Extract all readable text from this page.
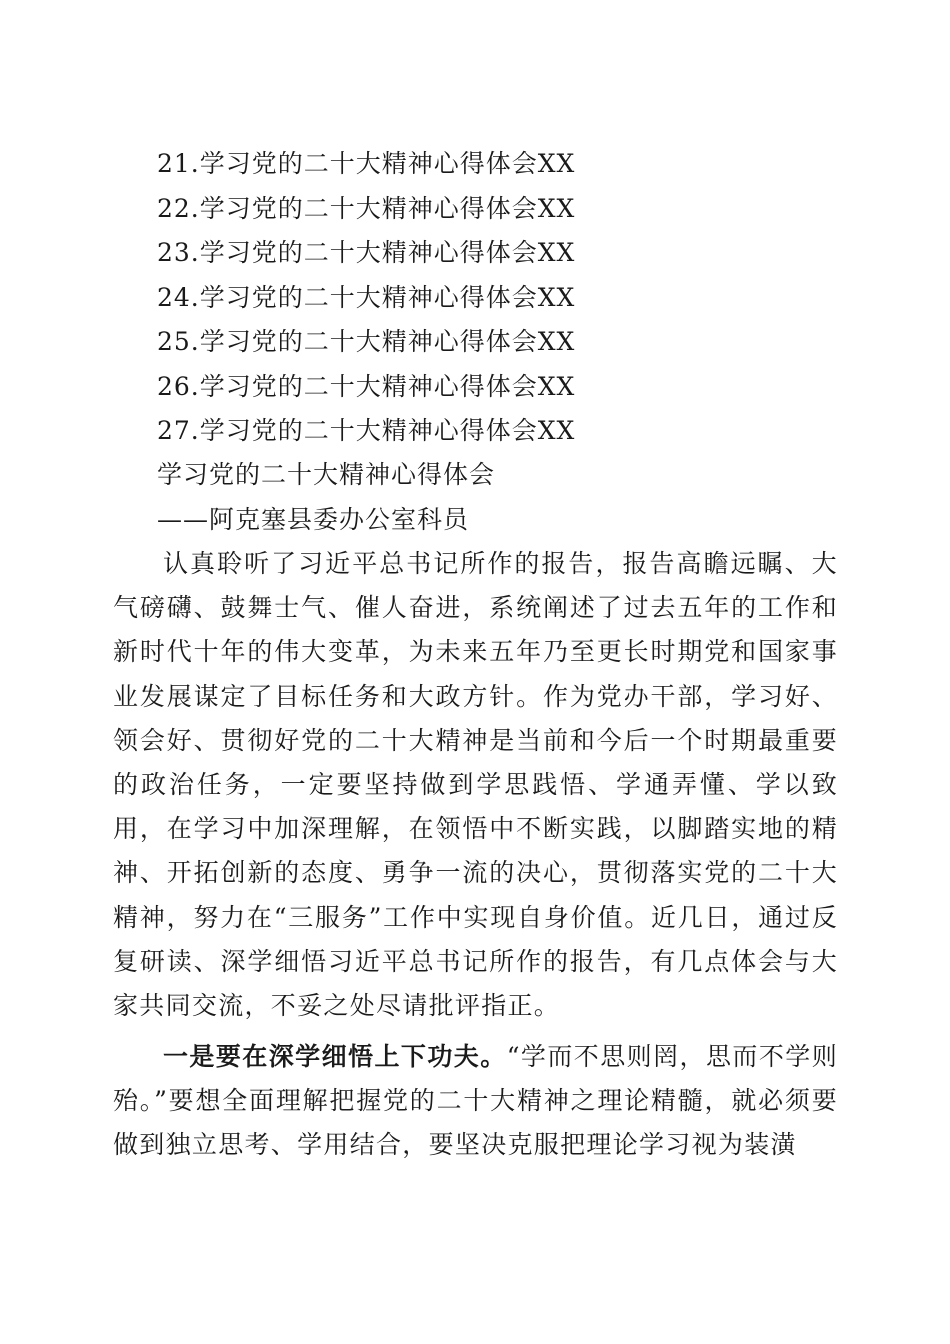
21.学习党的二十大精神心得体会XX
22.学习党的二十大精神心得体会XX
23.学习党的二十大精神心得体会XX
24.学习党的二十大精神心得体会XX
25.学习党的二十大精神心得体会XX
26.学习党的二十大精神心得体会XX
27.学习党的二十大精神心得体会XX
学习党的二十大精神心得体会
——阿克塞县委办公室科员

认真聆听了习近平总书记所作的报告，报告高瞻远瞩、大气磅礴、鼓舞士气、催人奋进，系统阐述了过去五年的工作和新时代十年的伟大变革，为未来五年乃至更长时期党和国家事业发展谋定了目标任务和大政方针。作为党办干部，学习好、领会好、贯彻好党的二十大精神是当前和今后一个时期最重要的政治任务，一定要坚持做到学思践悟、学通弄懂、学以致用，在学习中加深理解，在领悟中不断实践，以脚踏实地的精神、开拓创新的态度、勇争一流的决心，贯彻落实党的二十大精神，努力在“三服务”工作中实现自身价值。近几日，通过反复研读、深学细悟习近平总书记所作的报告，有几点体会与大家共同交流，不妥之处尽请批评指正。

一是要在深学细悟上下功夫。“学而不思则罔，思而不学则殆。”要想全面理解把握党的二十大精神之理论精髓，就必须要做到独立思考、学用结合，要坚决克服把理论学习视为装潢
